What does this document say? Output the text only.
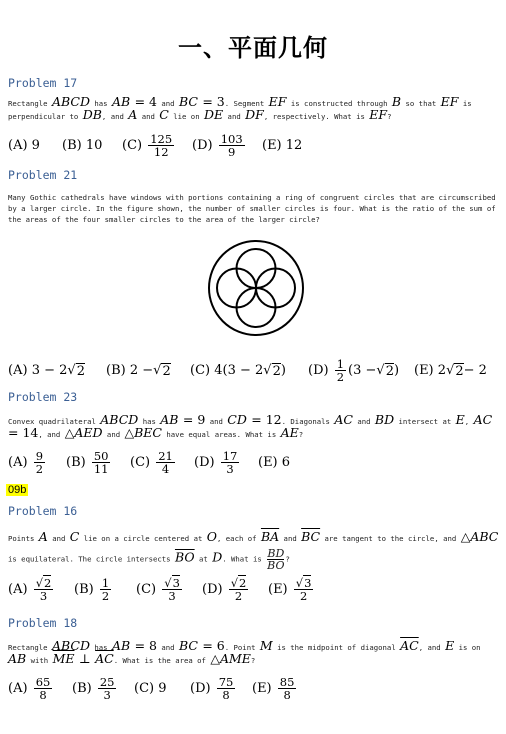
一、平面几何
Problem 17
Rectangle ABCD has AB = 4 and BC = 3. Segment EF is constructed through B so that EF is perpendicular to DB, and A and C lie on DE and DF, respectively. What is EF?
(A) 9	(B) 10	(C)
$\frac{125}{12} (D)$
$\frac{103}{9} (E)$ 12
Problem 21
Many Gothic cathedrals have windows with portions containing a ring of congruent circles that are circumscribed by a larger circle. In the figure shown, the number of smaller circles is four. What is the ratio of the sum of the areas of the four smaller circles to the area of the larger circle?
(A)
3 − 2 √ 2 (B)
2 − √ 2 (C)
4(3 − 2 √ 2 ) (D)
$\frac{1}{2} (3$ − √ 2 ) (E)
2 √ 2 − 2
Problem 23
Convex quadrilateral ABCD has AB = 9 and CD = 12. Diagonals AC and BD intersect at E, AC = 14, and △AED and △BEC have equal areas. What is AE?
(A)
$\frac{9}{2} (B)$
$\frac{50}{11} (C)$
$\frac{21}{4} (D)$
$\frac{17}{3} (E)$ 6
09b
Problem 16
Points A and C lie on a circle centered at O, each of $\overline{BA}$ and $\overline{BC}$ are tangent to the circle, and △ABC is equilateral. The circle intersects $\overline{BO}$ at D. What is $\frac{BD}{BO}$ ?
(A)
$\frac{√2}{3} (B)$
$\frac{1}{2} (C)$
$\frac{√3}{3} (D)$
$\frac{√2}{2} (E)$
$\frac{√3}{2}$
Problem 18
Rectangle ABCD has AB = 8 and BC = 6. Point M is the midpoint of diagonal $\overline{AC}$, and E is on AB with $\overline{ME}$ ⊥ $\overline{AC}$. What is the area of △AME?
(A)
$\frac{65}{8} (B)$
$\frac{25}{3} (C)$ 9	(D)
$\frac{75}{8} (E)$
$\frac{85}{8}$
